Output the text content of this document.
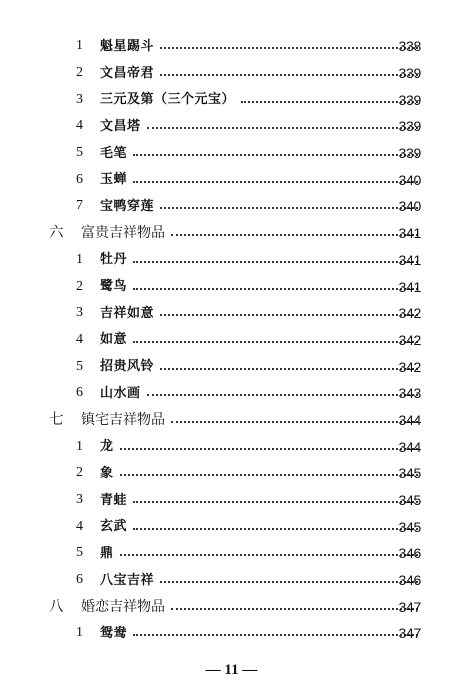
1 魁星踢斗	338
2 文昌帝君	339
3 三元及第（三个元宝）	339
4 文昌塔	339
5 毛笔	339
6 玉蝉	340
7 宝鸭穿莲	340
六 富贵吉祥物品	341
1 牡丹	341
2 鹭鸟	341
3 吉祥如意	342
4 如意	342
5 招贵风铃	342
6 山水画	343
七 镇宅吉祥物品	344
1 龙	344
2 象	345
3 青蛙	345
4 玄武	345
5 鼎	346
6 八宝吉祥	346
八 婚恋吉祥物品	347
1 鸳鸯	347
— 11 —
